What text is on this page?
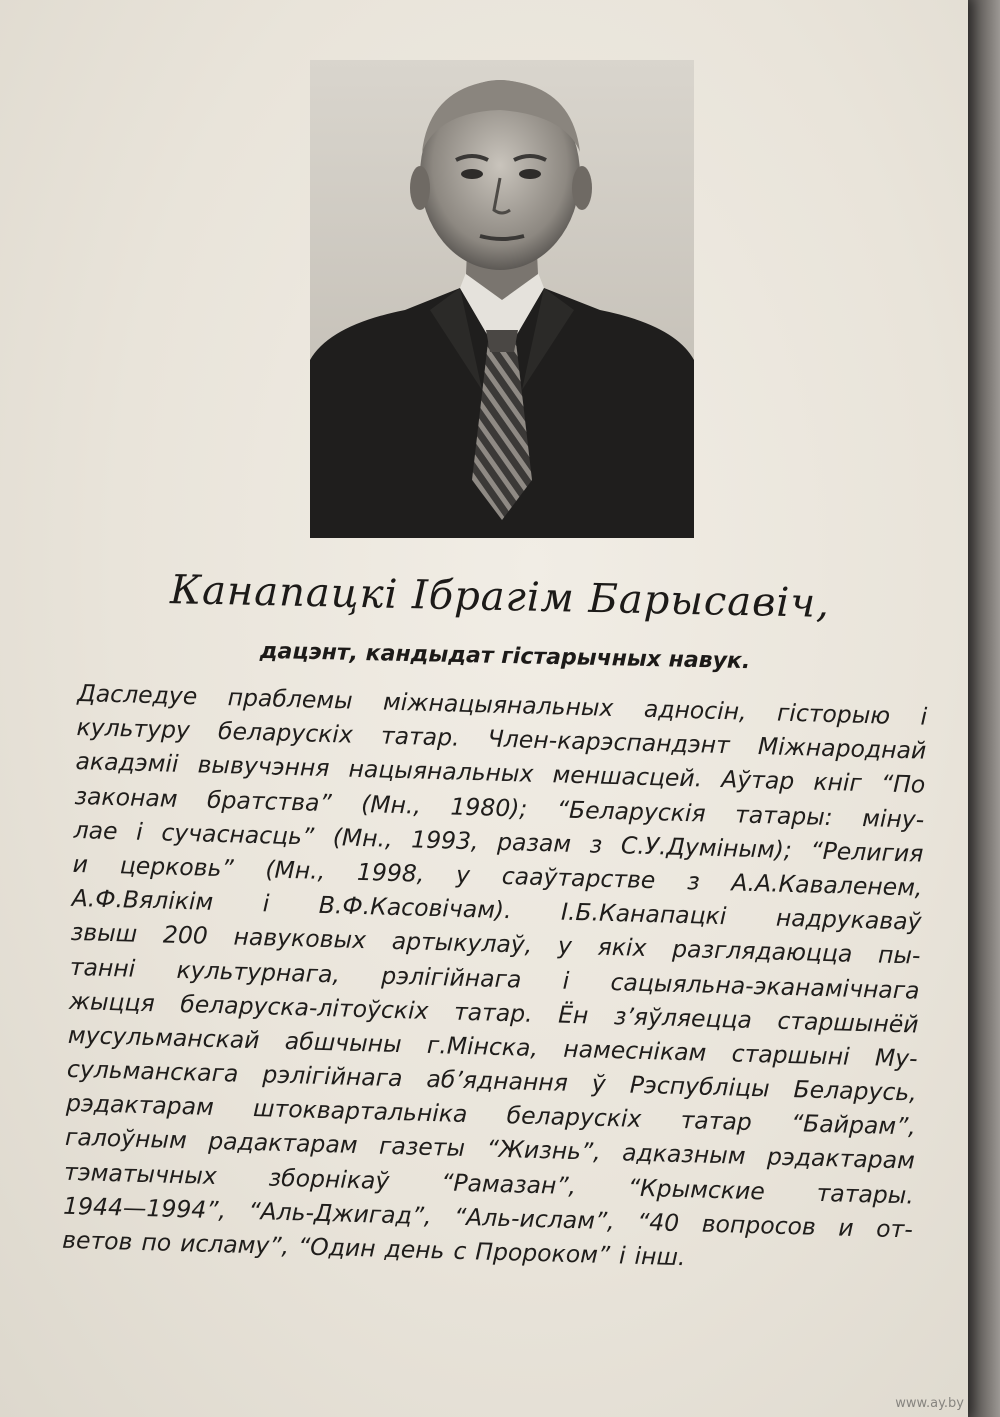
Канапацкі Ібрагім Барысавіч,
дацэнт, кандыдат гістарычных навук.
Даследуе праблемы міжнацыянальных адносін, гісторыю і
культуру беларускіх татар. Член-карэспандэнт Міжнароднай
акадэміі вывучэння нацыянальных меншасцей. Аўтар кніг “По
законам братства” (Мн., 1980); “Беларускія татары: міну-
лае і сучаснасць” (Мн., 1993, разам з С.У.Думіным); “Религия
и церковь” (Мн., 1998, у сааўтарстве з А.А.Каваленем,
А.Ф.Вялікім і В.Ф.Касовічам). І.Б.Канапацкі надрукаваў
звыш 200 навуковых артыкулаў, у якіх разглядаюцца пы-
танні культурнага, рэлігійнага і сацыяльна-эканамічнага
жыцця беларуска-літоўскіх татар. Ён з’яўляецца старшынёй
мусульманскай абшчыны г.Мінска, намеснікам старшыні Му-
сульманскага рэлігійнага аб’яднання ў Рэспубліцы Беларусь,
рэдактарам штоквартальніка беларускіх татар “Байрам”,
галоўным радактарам газеты “Жизнь”, адказным рэдактарам
тэматычных зборнікаў “Рамазан”, “Крымские татары.
1944—1994”, “Аль-Джигад”, “Аль-ислам”, “40 вопросов и от-
ветов по исламу”, “Один день с Пророком” і інш.
www.ay.by
